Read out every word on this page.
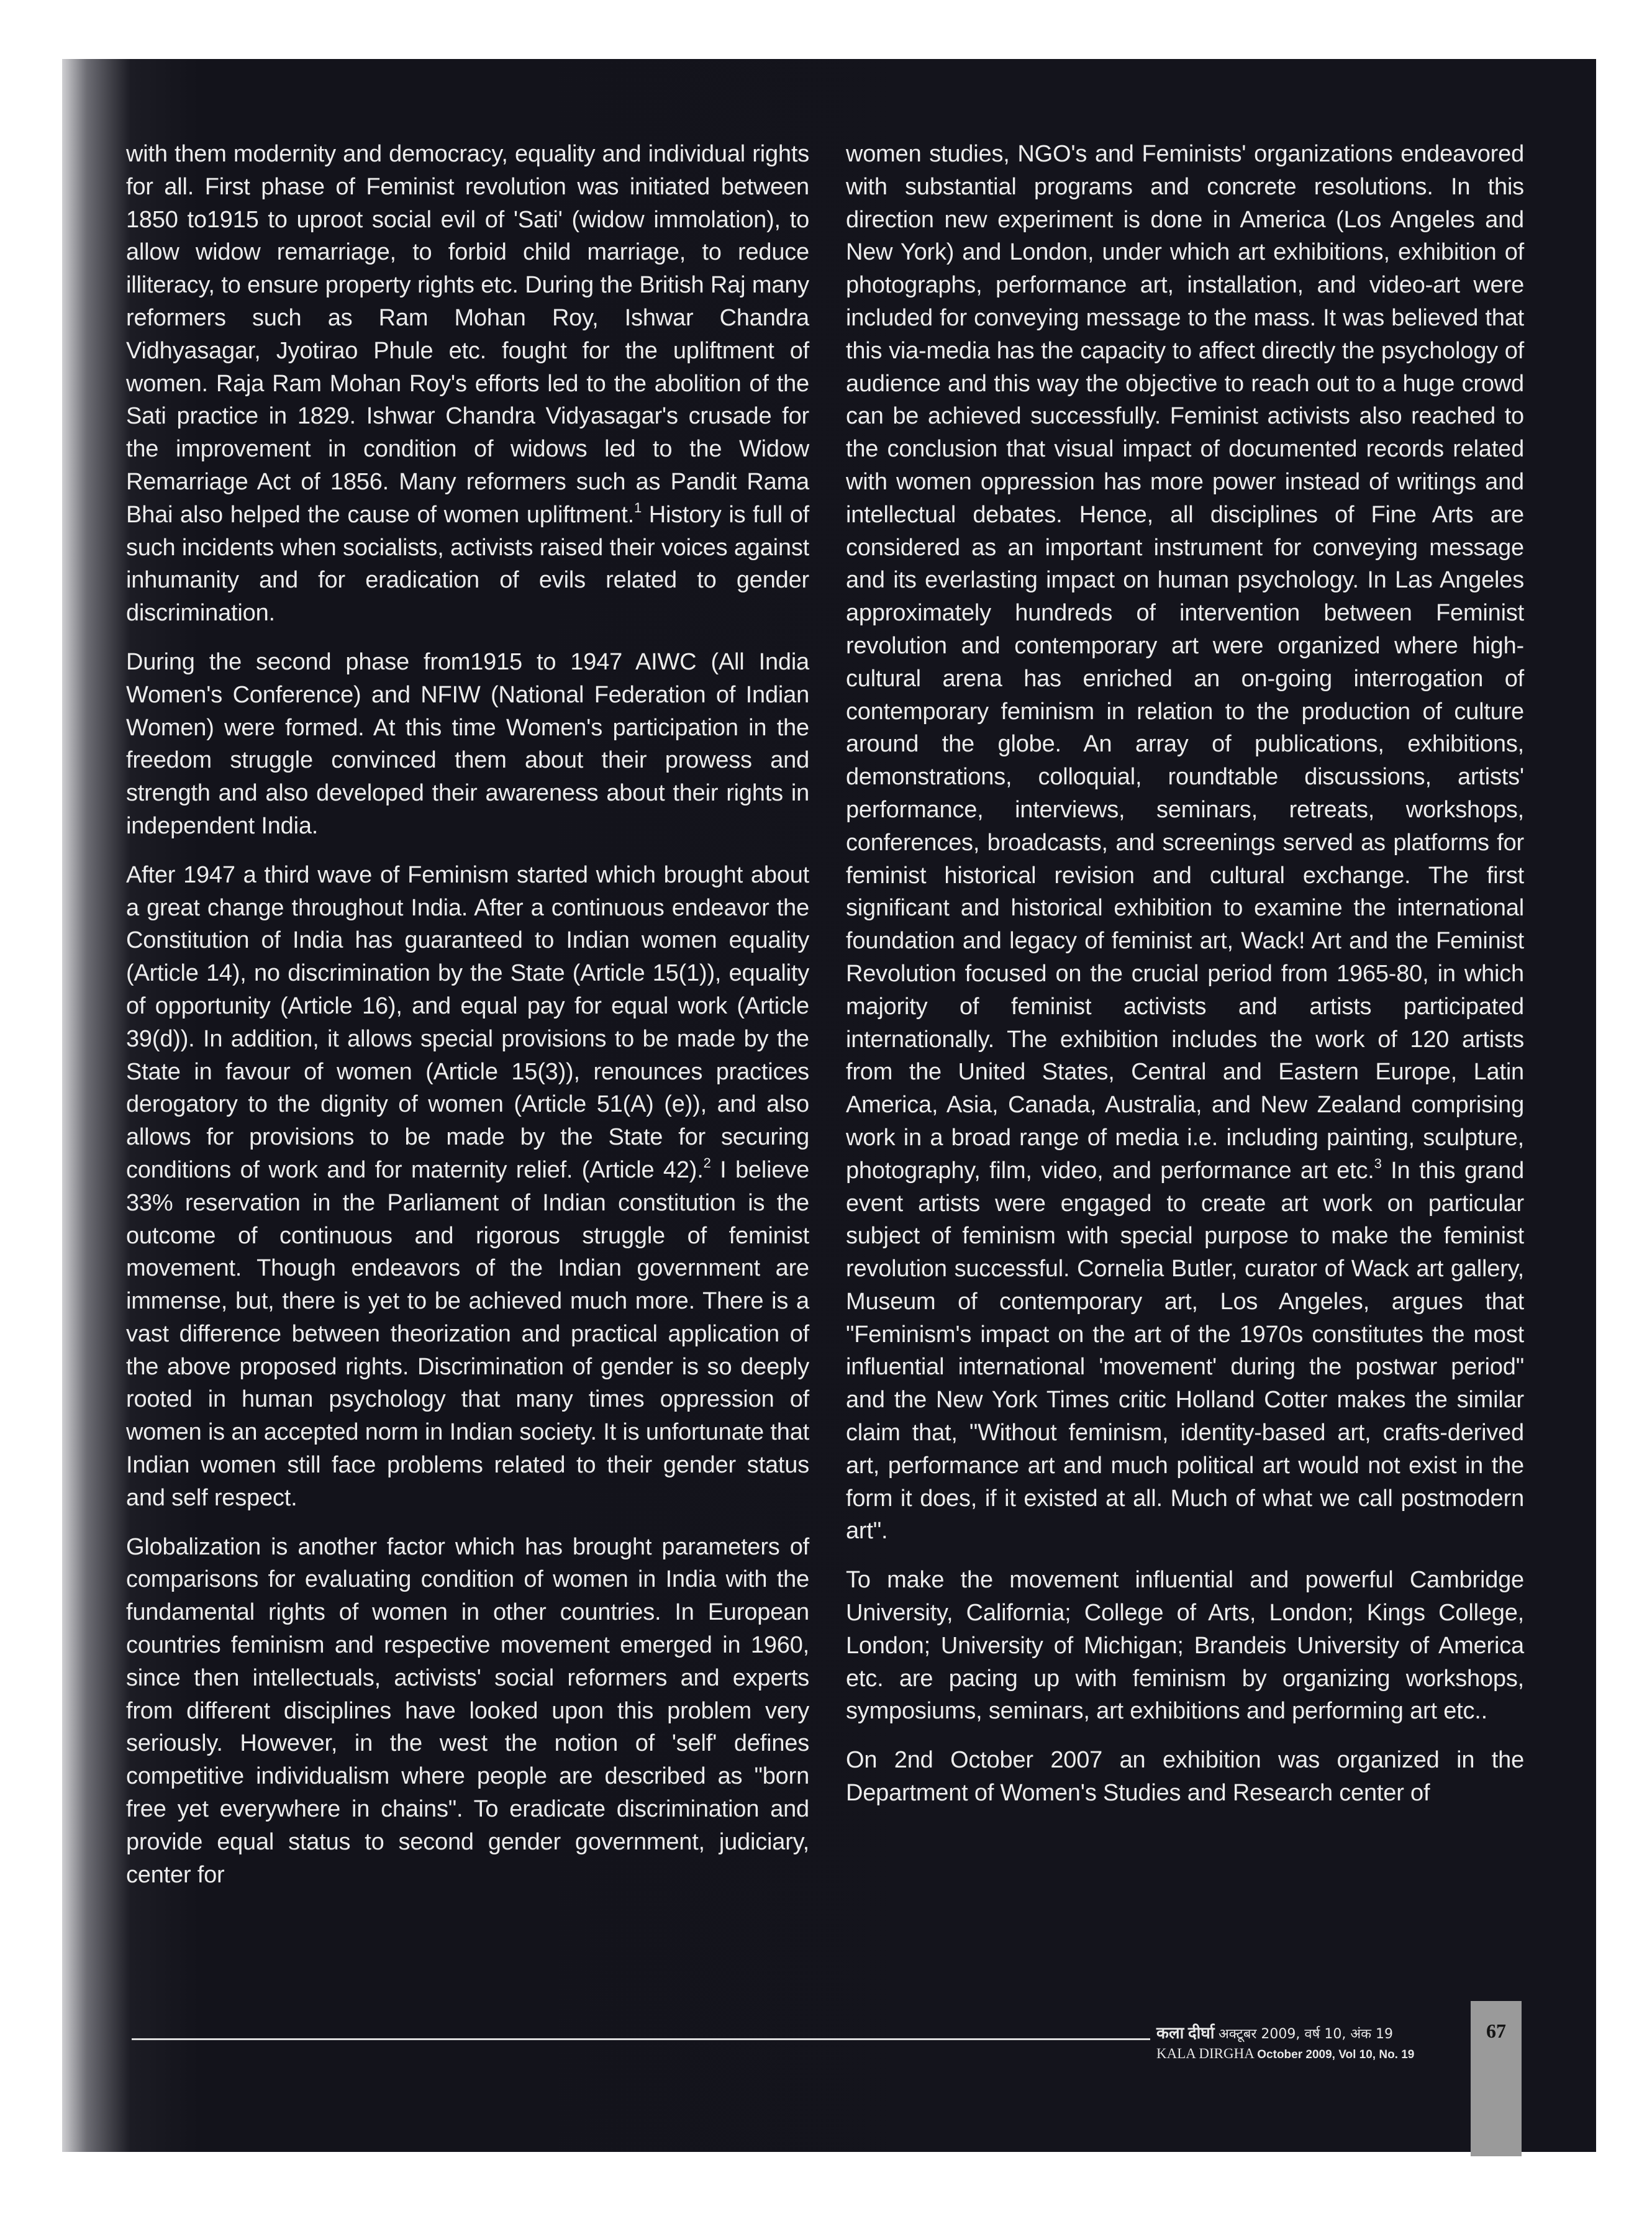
with them modernity and democracy, equality and individual rights for all. First phase of Feminist revolution was initiated between 1850 to1915 to uproot social evil of 'Sati' (widow immolation), to allow widow remarriage, to forbid child marriage, to reduce illiteracy, to ensure property rights etc. During the British Raj many reformers such as Ram Mohan Roy, Ishwar Chandra Vidhyasagar, Jyotirao Phule etc. fought for the upliftment of women. Raja Ram Mohan Roy's efforts led to the abolition of the Sati practice in 1829. Ishwar Chandra Vidyasagar's crusade for the improvement in condition of widows led to the Widow Remarriage Act of 1856. Many reformers such as Pandit Rama Bhai also helped the cause of women upliftment.$^1$ History is full of such incidents when socialists, activists raised their voices against inhumanity and for eradication of evils related to gender discrimination.

During the second phase from1915 to 1947 AIWC (All India Women's Conference) and NFIW (National Federation of Indian Women) were formed. At this time Women's participation in the freedom struggle convinced them about their prowess and strength and also developed their awareness about their rights in independent India.

After 1947 a third wave of Feminism started which brought about a great change throughout India. After a continuous endeavor the Constitution of India has guaranteed to Indian women equality (Article 14), no discrimination by the State (Article 15(1)), equality of opportunity (Article 16), and equal pay for equal work (Article 39(d)). In addition, it allows special provisions to be made by the State in favour of women (Article 15(3)), renounces practices derogatory to the dignity of women (Article 51(A) (e)), and also allows for provisions to be made by the State for securing conditions of work and for maternity relief. (Article 42).$^2$ I believe 33% reservation in the Parliament of Indian constitution is the outcome of continuous and rigorous struggle of feminist movement. Though endeavors of the Indian government are immense, but, there is yet to be achieved much more. There is a vast difference between theorization and practical application of the above proposed rights. Discrimination of gender is so deeply rooted in human psychology that many times oppression of women is an accepted norm in Indian society. It is unfortunate that Indian women still face problems related to their gender status and self respect.

Globalization is another factor which has brought parameters of comparisons for evaluating condition of women in India with the fundamental rights of women in other countries. In European countries feminism and respective movement emerged in 1960, since then intellectuals, activists' social reformers and experts from different disciplines have looked upon this problem very seriously. However, in the west the notion of 'self' defines competitive individualism where people are described as "born free yet everywhere in chains". To eradicate discrimination and provide equal status to second gender government, judiciary, center for

women studies, NGO's and Feminists' organizations endeavored with substantial programs and concrete resolutions. In this direction new experiment is done in America (Los Angeles and New York) and London, under which art exhibitions, exhibition of photographs, performance art, installation, and video-art were included for conveying message to the mass. It was believed that this via-media has the capacity to affect directly the psychology of audience and this way the objective to reach out to a huge crowd can be achieved successfully. Feminist activists also reached to the conclusion that visual impact of documented records related with women oppression has more power instead of writings and intellectual debates. Hence, all disciplines of Fine Arts are considered as an important instrument for conveying message and its everlasting impact on human psychology. In Las Angeles approximately hundreds of intervention between Feminist revolution and contemporary art were organized where high-cultural arena has enriched an on-going interrogation of contemporary feminism in relation to the production of culture around the globe. An array of publications, exhibitions, demonstrations, colloquial, roundtable discussions, artists' performance, interviews, seminars, retreats, workshops, conferences, broadcasts, and screenings served as platforms for feminist historical revision and cultural exchange. The first significant and historical exhibition to examine the international foundation and legacy of feminist art, Wack! Art and the Feminist Revolution focused on the crucial period from 1965-80, in which majority of feminist activists and artists participated internationally. The exhibition includes the work of 120 artists from the United States, Central and Eastern Europe, Latin America, Asia, Canada, Australia, and New Zealand comprising work in a broad range of media i.e. including painting, sculpture, photography, film, video, and performance art etc.$^3$ In this grand event artists were engaged to create art work on particular subject of feminism with special purpose to make the feminist revolution successful. Cornelia Butler, curator of Wack art gallery, Museum of contemporary art, Los Angeles, argues that "Feminism's impact on the art of the 1970s constitutes the most influential international 'movement' during the postwar period" and the New York Times critic Holland Cotter makes the similar claim that, "Without feminism, identity-based art, crafts-derived art, performance art and much political art would not exist in the form it does, if it existed at all. Much of what we call postmodern art".

To make the movement influential and powerful Cambridge University, California; College of Arts, London; Kings College, London; University of Michigan; Brandeis University of America etc. are pacing up with feminism by organizing workshops, symposiums, seminars, art exhibitions and performing art etc..

On 2nd October 2007 an exhibition was organized in the Department of Women's Studies and Research center of

कला दीर्घा अक्टूबर 2009, वर्ष 10, अंक 19
KALA DIRGHA October 2009, Vol 10, No. 19
67
